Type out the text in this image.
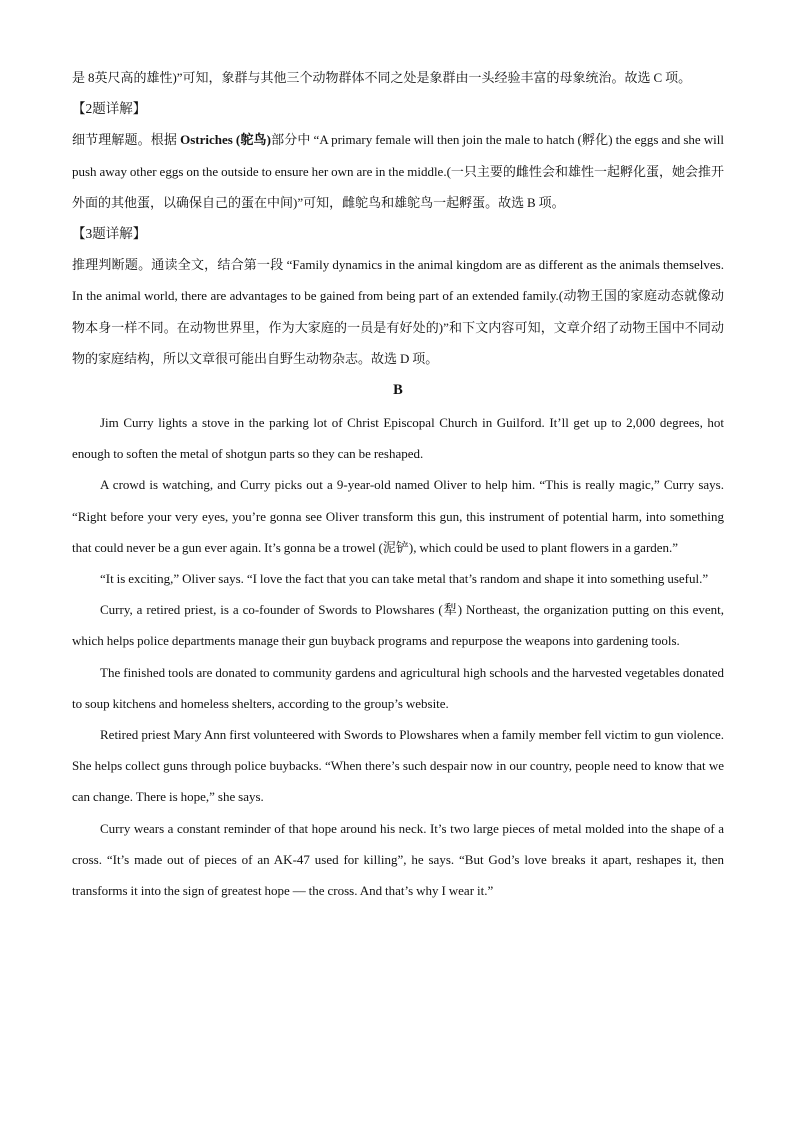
是 8英尺高的雄性)”可知，象群与其他三个动物群体不同之处是象群由一头经验丰富的母象统治。故选 C 项。

【2题详解】

细节理解题。根据 Ostriches (鸵鸟)部分中 “A primary female will then join the male to hatch (孵化) the eggs and she will push away other eggs on the outside to ensure her own are in the middle.(一只主要的雌性会和雄性一起孵化蛋，她会推开外面的其他蛋，以确保自己的蛋在中间)”可知，雌鸵鸟和雄鸵鸟一起孵蛋。故选 B 项。

【3题详解】

推理判断题。通读全文，结合第一段 “Family dynamics in the animal kingdom are as different as the animals themselves. In the animal world, there are advantages to be gained from being part of an extended family.(动物王国的家庭动态就像动物本身一样不同。在动物世界里，作为大家庭的一员是有好处的)”和下文内容可知，文章介绍了动物王国中不同动物的家庭结构，所以文章很可能出自野生动物杂志。故选 D 项。

B

Jim Curry lights a stove in the parking lot of Christ Episcopal Church in Guilford. It’ll get up to 2,000 degrees, hot enough to soften the metal of shotgun parts so they can be reshaped.

A crowd is watching, and Curry picks out a 9-year-old named Oliver to help him. “This is really magic,” Curry says. “Right before your very eyes, you’re gonna see Oliver transform this gun, this instrument of potential harm, into something that could never be a gun ever again. It’s gonna be a trowel (泥铲), which could be used to plant flowers in a garden.”

“It is exciting,” Oliver says. “I love the fact that you can take metal that’s random and shape it into something useful.”

Curry, a retired priest, is a co-founder of Swords to Plowshares (犁) Northeast, the organization putting on this event, which helps police departments manage their gun buyback programs and repurpose the weapons into gardening tools.

The finished tools are donated to community gardens and agricultural high schools and the harvested vegetables donated to soup kitchens and homeless shelters, according to the group’s website.

Retired priest Mary Ann first volunteered with Swords to Plowshares when a family member fell victim to gun violence. She helps collect guns through police buybacks. “When there’s such despair now in our country, people need to know that we can change. There is hope,” she says.

Curry wears a constant reminder of that hope around his neck. It’s two large pieces of metal molded into the shape of a cross. “It’s made out of pieces of an AK-47 used for killing”, he says. “But God’s love breaks it apart, reshapes it, then transforms it into the sign of greatest hope — the cross. And that’s why I wear it.”
